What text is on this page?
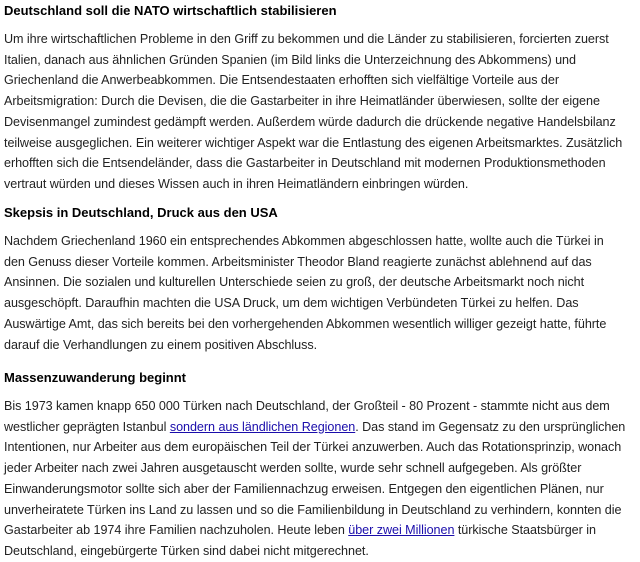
Deutschland soll die NATO wirtschaftlich stabilisieren

Um ihre wirtschaftlichen Probleme in den Griff zu bekommen und die Länder zu stabilisieren, forcierten zuerst
Italien, danach aus ähnlichen Gründen Spanien (im Bild links die Unterzeichnung des Abkommens) und
Griechenland die Anwerbeabkommen. Die Entsendestaaten erhofften sich vielfältige Vorteile aus der
Arbeitsmigration: Durch die Devisen, die die Gastarbeiter in ihre Heimatländer überwiesen, sollte der eigene
Devisenmangel zumindest gedämpft werden. Außerdem würde dadurch die drückende negative Handelsbilanz
teilweise ausgeglichen. Ein weiterer wichtiger Aspekt war die Entlastung des eigenen Arbeitsmarktes. Zusätzlich
erhofften sich die Entsendeländer, dass die Gastarbeiter in Deutschland mit modernen Produktionsmethoden
vertraut würden und dieses Wissen auch in ihren Heimatländern einbringen würden.

Skepsis in Deutschland, Druck aus den USA

Nachdem Griechenland 1960 ein entsprechendes Abkommen abgeschlossen hatte, wollte auch die Türkei in
den Genuss dieser Vorteile kommen. Arbeitsminister Theodor Bland reagierte zunächst ablehnend auf das
Ansinnen. Die sozialen und kulturellen Unterschiede seien zu groß, der deutsche Arbeitsmarkt noch nicht
ausgeschöpft. Daraufhin machten die USA Druck, um dem wichtigen Verbündeten Türkei zu helfen. Das
Auswärtige Amt, das sich bereits bei den vorhergehenden Abkommen wesentlich williger gezeigt hatte, führte
darauf die Verhandlungen zu einem positiven Abschluss.

Massenzuwanderung beginnt

Bis 1973 kamen knapp 650 000 Türken nach Deutschland, der Großteil - 80 Prozent - stammte nicht aus dem
westlicher geprägten Istanbul sondern aus ländlichen Regionen. Das stand im Gegensatz zu den ursprünglichen
Intentionen, nur Arbeiter aus dem europäischen Teil der Türkei anzuwerben. Auch das Rotationsprinzip, wonach
jeder Arbeiter nach zwei Jahren ausgetauscht werden sollte, wurde sehr schnell aufgegeben. Als größter
Einwanderungsmotor sollte sich aber der Familiennachzug erweisen. Entgegen den eigentlichen Plänen, nur
unverheiratete Türken ins Land zu lassen und so die Familienbildung in Deutschland zu verhindern, konnten die
Gastarbeiter ab 1974 ihre Familien nachzuholen. Heute leben über zwei Millionen türkische Staatsbürger in
Deutschland, eingebürgerte Türken sind dabei nicht mitgerechnet.
